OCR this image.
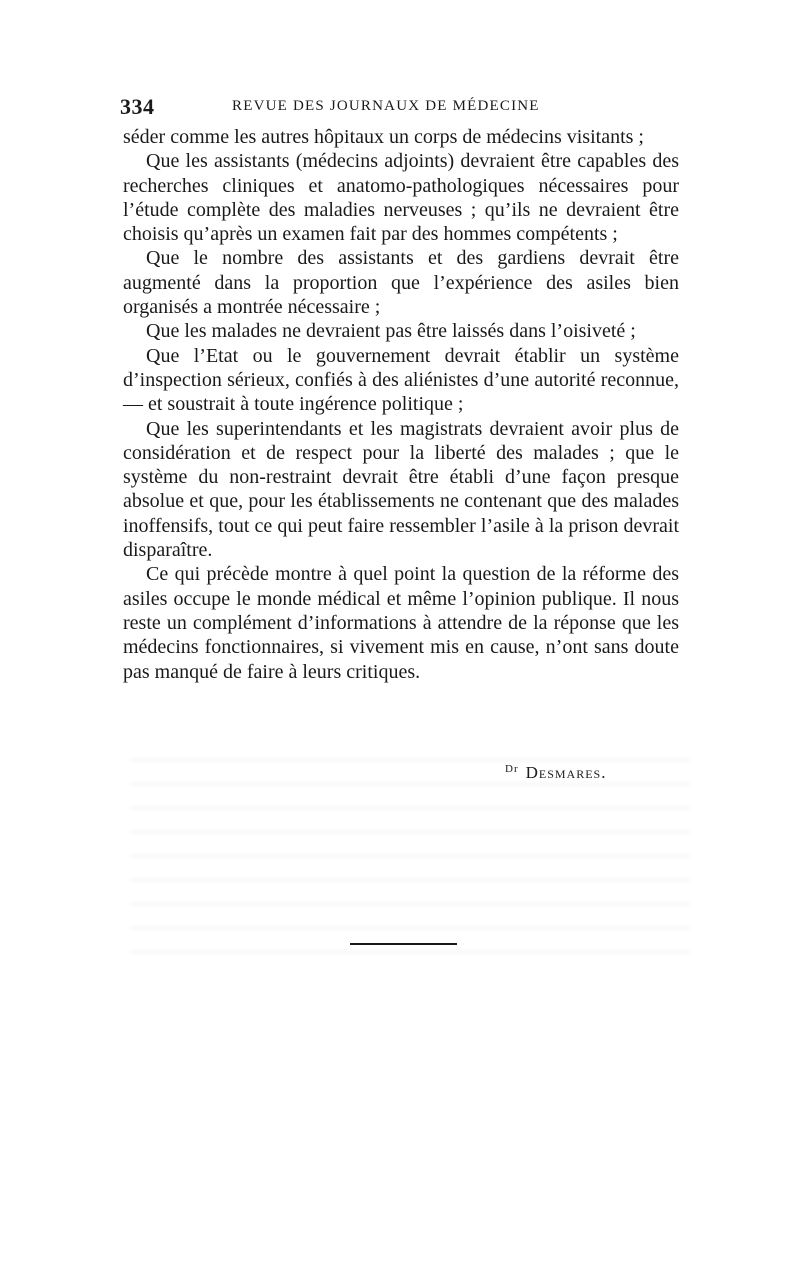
334	REVUE DES JOURNAUX DE MÉDECINE

séder comme les autres hôpitaux un corps de médecins visitants ;

Que les assistants (médecins adjoints) devraient être capables des recherches cliniques et anatomo-pathologiques nécessaires pour l’étude complète des maladies nerveuses ; qu’ils ne devraient être choisis qu’après un examen fait par des hommes compétents ;

Que le nombre des assistants et des gardiens devrait être augmenté dans la proportion que l’expérience des asiles bien organisés a montrée nécessaire ;

Que les malades ne devraient pas être laissés dans l’oisiveté ;

Que l’Etat ou le gouvernement devrait établir un système d’inspection sérieux, confiés à des aliénistes d’une autorité reconnue, — et soustrait à toute ingérence politique ;

Que les superintendants et les magistrats devraient avoir plus de considération et de respect pour la liberté des malades ; que le système du non-restraint devrait être établi d’une façon presque absolue et que, pour les établissements ne contenant que des malades inoffensifs, tout ce qui peut faire ressembler l’asile à la prison devrait disparaître.

Ce qui précède montre à quel point la question de la réforme des asiles occupe le monde médical et même l’opinion publique. Il nous reste un complément d’informations à attendre de la réponse que les médecins fonctionnaires, si vivement mis en cause, n’ont sans doute pas manqué de faire à leurs critiques.

$^{Dr}$ Desmares.
